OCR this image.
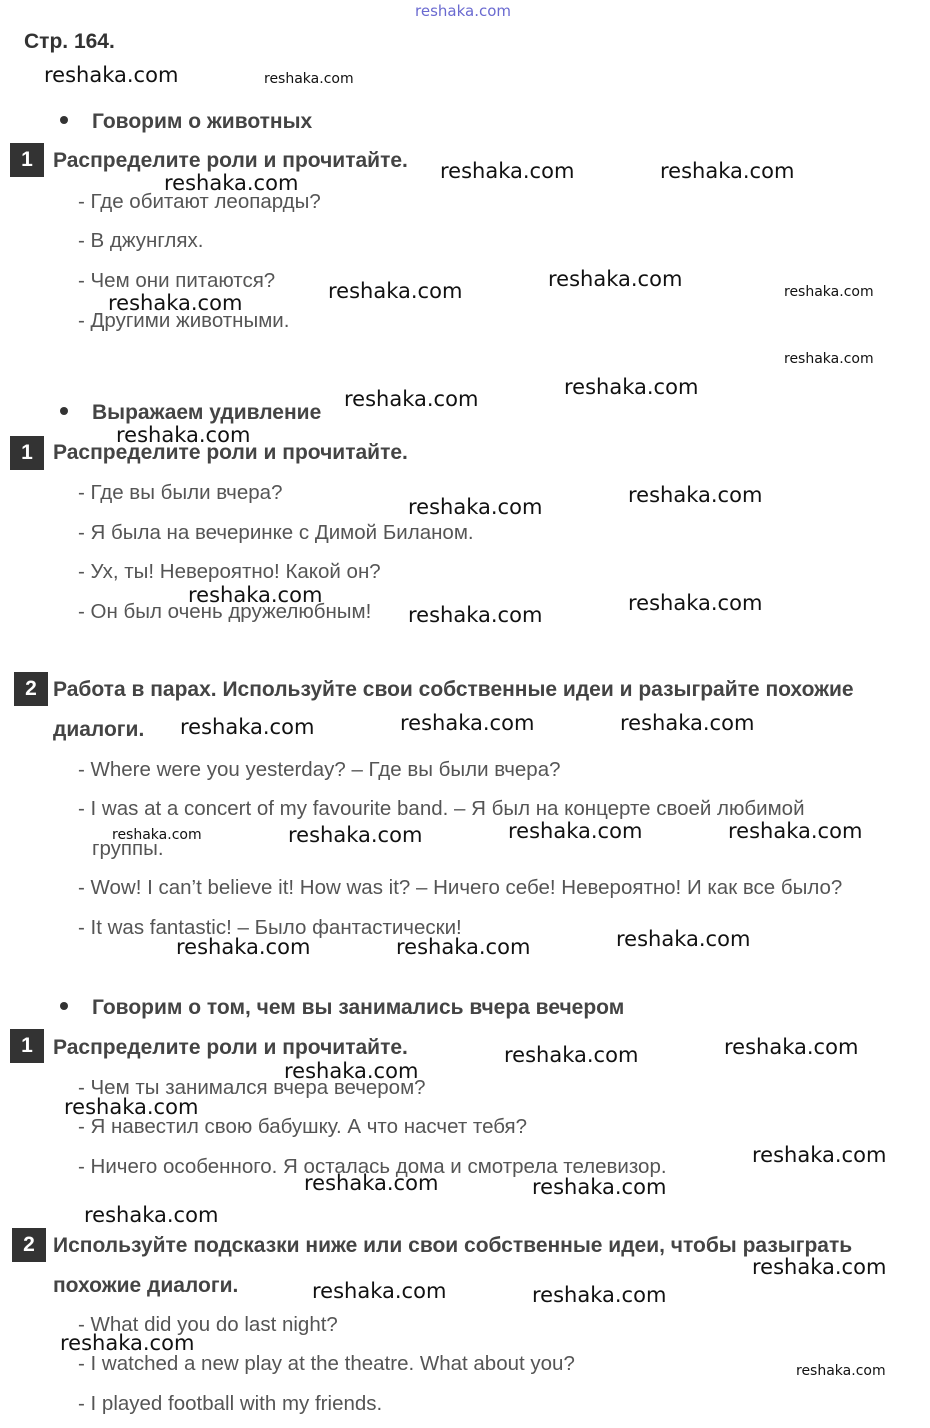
Стр. 164.
Говорим о животных
1 Распределите роли и прочитайте.
- Где обитают леопарды?
- В джунглях.
- Чем они питаются?
- Другими животными.
Выражаем удивление
1 Распределите роли и прочитайте.
- Где вы были вчера?
- Я была на вечеринке с Димой Биланом.
- Ух, ты! Невероятно! Какой он?
- Он был очень дружелюбным!
2 Работа в парах. Используйте свои собственные идеи и разыграйте похожие
диалоги.
- Where were you yesterday? – Где вы были вчера?
- I was at a concert of my favourite band. – Я был на концерте своей любимой
группы.
- Wow! I can’t believe it! How was it? – Ничего себе! Невероятно! И как все было?
- It was fantastic! – Было фантастически!
Говорим о том, чем вы занимались вчера вечером
1 Распределите роли и прочитайте.
- Чем ты занимался вчера вечером?
- Я навестил свою бабушку. А что насчет тебя?
- Ничего особенного. Я осталась дома и смотрела телевизор.
2 Используйте подсказки ниже или свои собственные идеи, чтобы разыграть
похожие диалоги.
- What did you do last night?
- I watched a new play at the theatre. What about you?
- I played football with my friends.
reshaka.com
reshaka.com	reshaka.com
reshaka.com	reshaka.com
reshaka.com
reshaka.com
reshaka.com	reshaka.com
reshaka.com
reshaka.com
reshaka.com
reshaka.com
reshaka.com
reshaka.com
reshaka.com
reshaka.com	reshaka.com
reshaka.com
reshaka.com	reshaka.com
reshaka.com
reshaka.com	reshaka.com
reshaka.com
reshaka.com
reshaka.com
reshaka.com	reshaka.com
reshaka.com
reshaka.com
reshaka.com
reshaka.com
reshaka.com
reshaka.com	reshaka.com
reshaka.com
reshaka.com
reshaka.com	reshaka.com
reshaka.com
reshaka.com
